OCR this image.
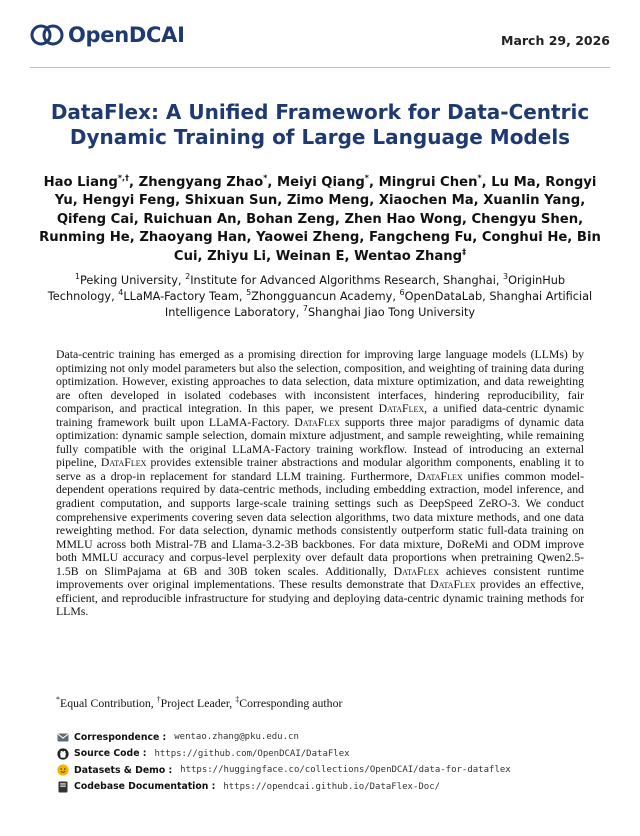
OpenDCAI	March 29, 2026
DataFlex: A Unified Framework for Data-Centric Dynamic Training of Large Language Models
Hao Liang*,†, Zhengyang Zhao*, Meiyi Qiang*, Mingrui Chen*, Lu Ma, Rongyi Yu, Hengyi Feng, Shixuan Sun, Zimo Meng, Xiaochen Ma, Xuanlin Yang, Qifeng Cai, Ruichuan An, Bohan Zeng, Zhen Hao Wong, Chengyu Shen, Runming He, Zhaoyang Han, Yaowei Zheng, Fangcheng Fu, Conghui He, Bin Cui, Zhiyu Li, Weinan E, Wentao Zhang‡
$^1$Peking University, $^2$Institute for Advanced Algorithms Research, Shanghai, $^3$OriginHub Technology, $^4$LLaMA-Factory Team, $^5$Zhongguancun Academy, $^6$OpenDataLab, Shanghai Artificial Intelligence Laboratory, $^7$Shanghai Jiao Tong University

Data-centric training has emerged as a promising direction for improving large language models (LLMs) by optimizing not only model parameters but also the selection, composition, and weighting of training data during optimization. However, existing approaches to data selection, data mixture optimization, and data reweighting are often developed in isolated codebases with inconsistent interfaces, hindering reproducibility, fair comparison, and practical integration. In this paper, we present DataFlex, a unified data-centric dynamic training framework built upon LLaMA-Factory. DataFlex supports three major paradigms of dynamic data optimization: dynamic sample selection, domain mixture adjustment, and sample reweighting, while remaining fully compatible with the original LLaMA-Factory training workflow. Instead of introducing an external pipeline, DataFlex provides extensible trainer abstractions and modular algorithm components, enabling it to serve as a drop-in replacement for standard LLM training. Furthermore, DataFlex unifies common model-dependent operations required by data-centric methods, including embedding extraction, model inference, and gradient computation, and supports large-scale training settings such as DeepSpeed ZeRO-3. We conduct comprehensive experiments covering seven data selection algorithms, two data mixture methods, and one data reweighting method. For data selection, dynamic methods consistently outperform static full-data training on MMLU across both Mistral-7B and Llama-3.2-3B backbones. For data mixture, DoReMi and ODM improve both MMLU accuracy and corpus-level perplexity over default data proportions when pretraining Qwen2.5-1.5B on SlimPajama at 6B and 30B token scales. Additionally, DataFlex achieves consistent runtime improvements over original implementations. These results demonstrate that DataFlex provides an effective, efficient, and reproducible infrastructure for studying and deploying data-centric dynamic training methods for LLMs.

*Equal Contribution, †Project Leader, ‡Corresponding author
Correspondence : wentao.zhang@pku.edu.cn
Source Code : https://github.com/OpenDCAI/DataFlex
Datasets & Demo : https://huggingface.co/collections/OpenDCAI/data-for-dataflex
Codebase Documentation : https://opendcai.github.io/DataFlex-Doc/
